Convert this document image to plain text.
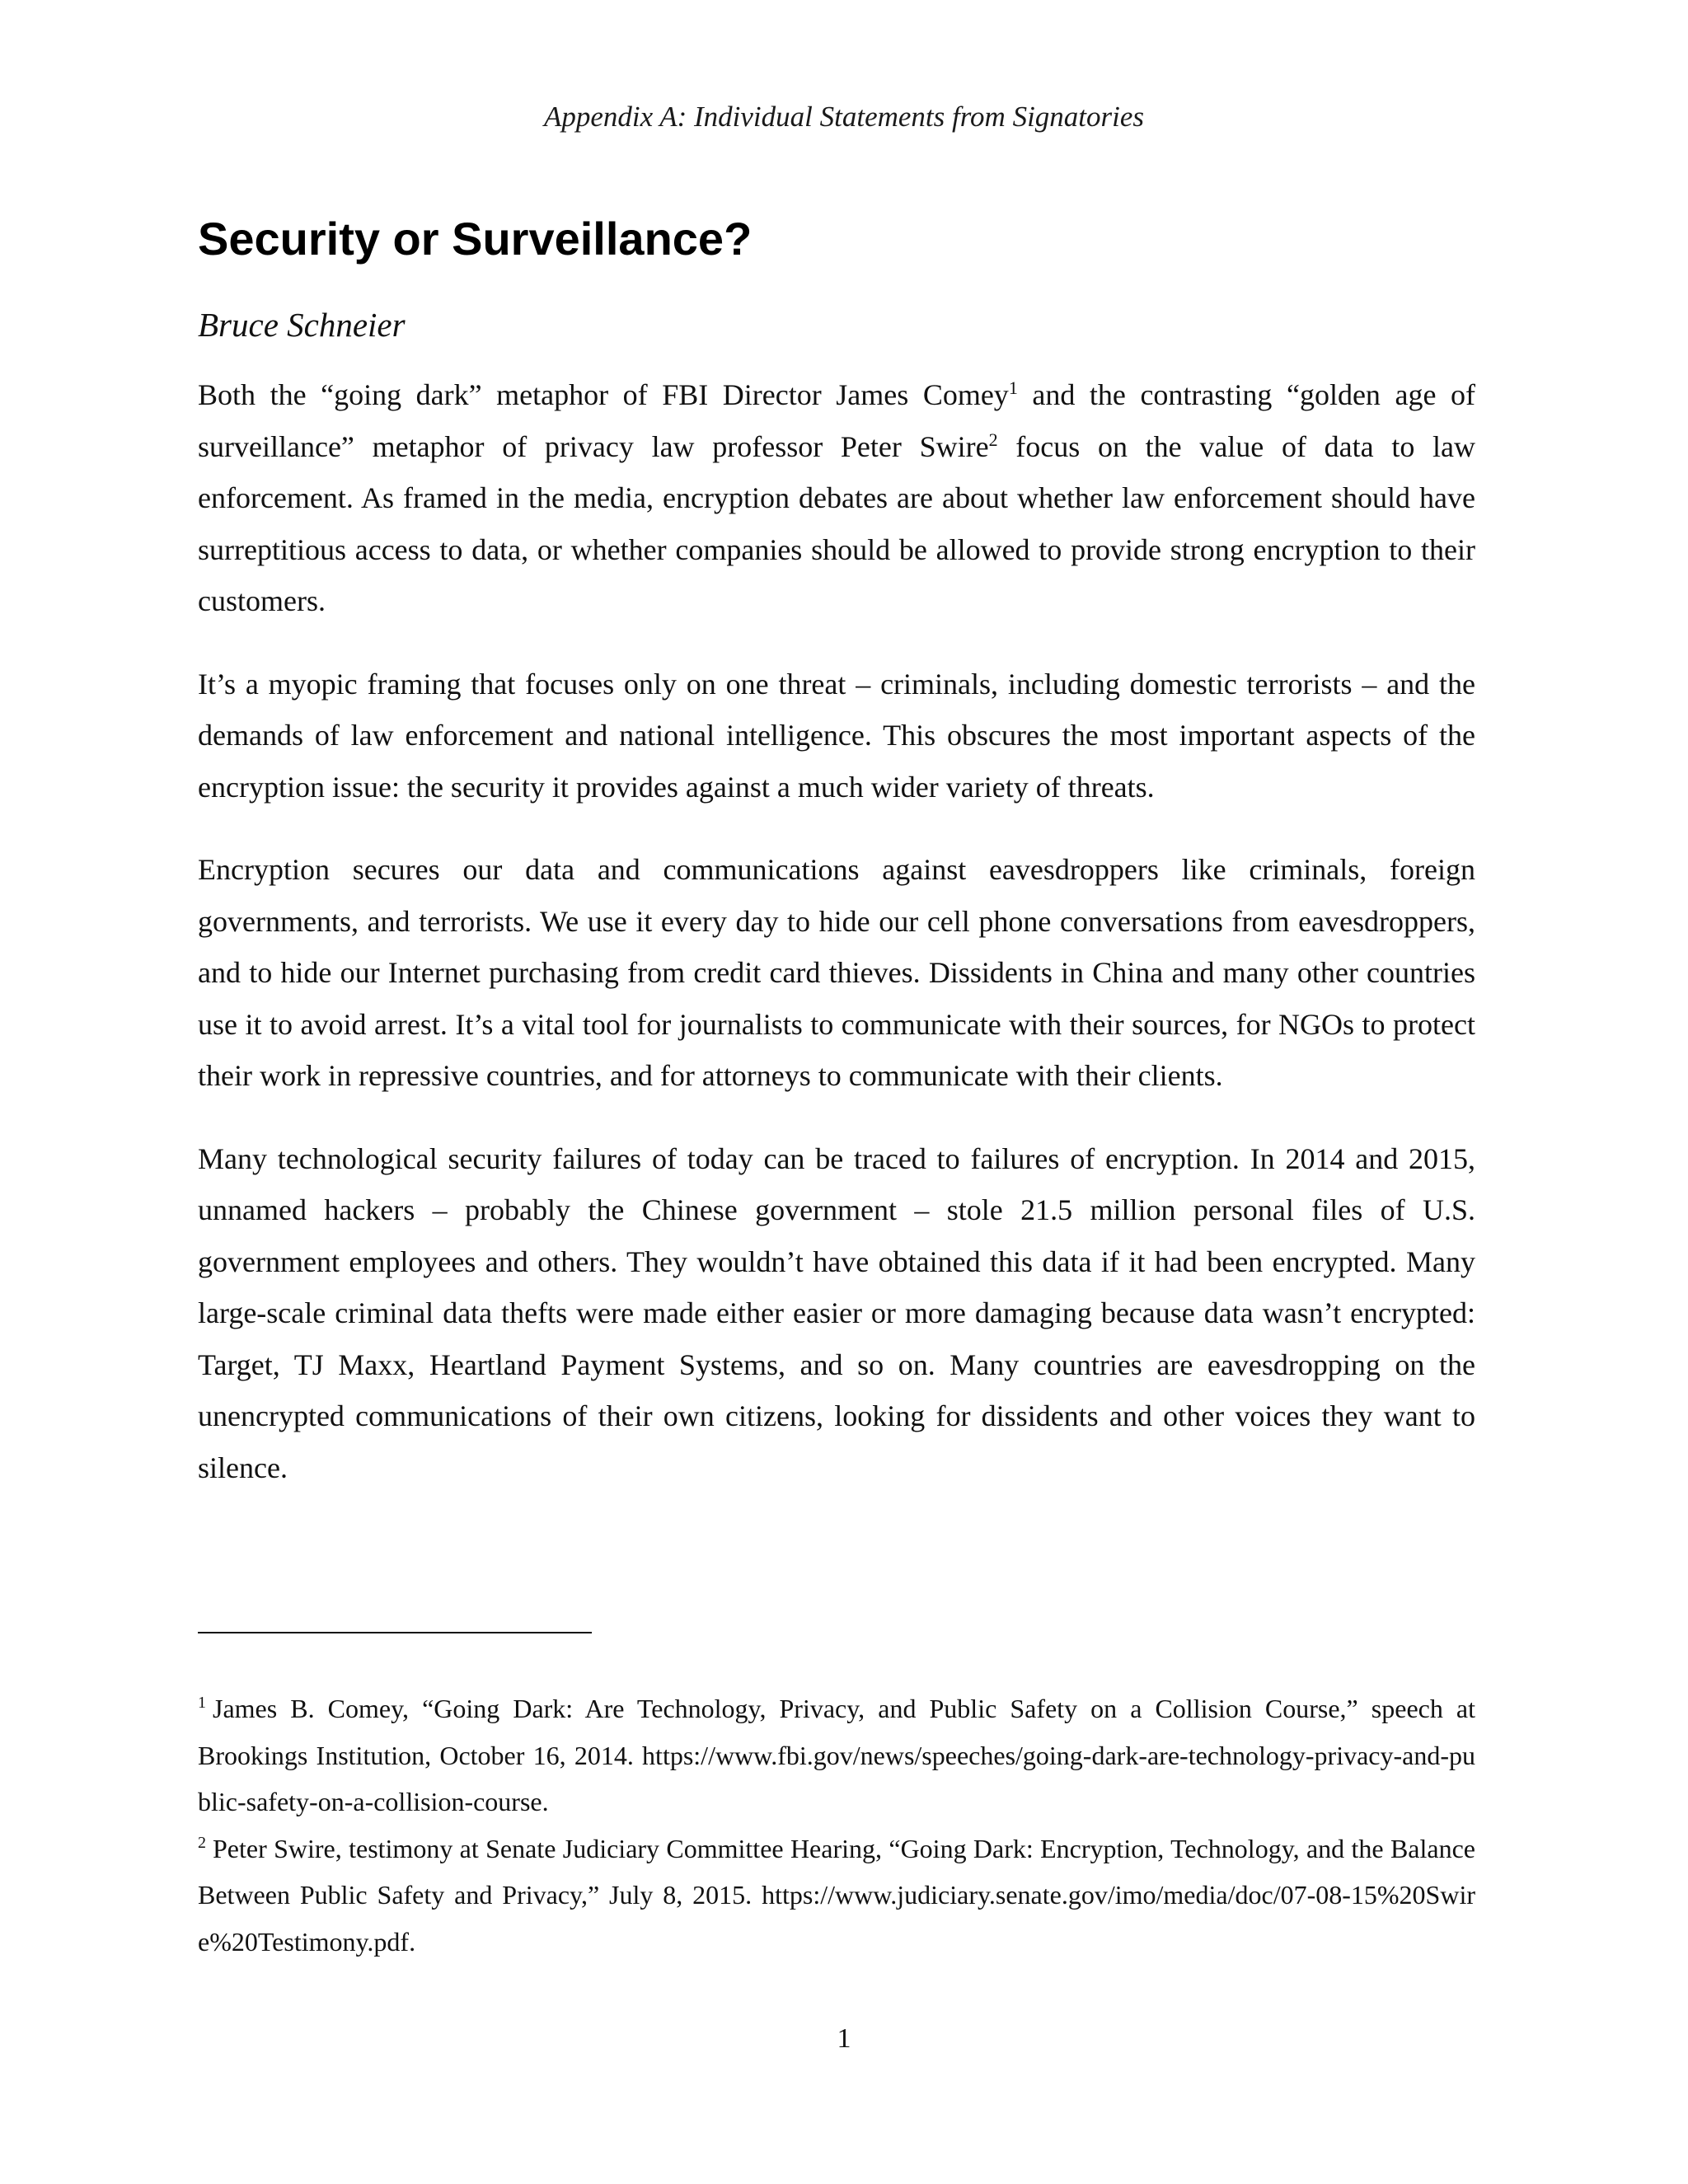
Appendix A: Individual Statements from Signatories
Security or Surveillance?
Bruce Schneier

Both the “going dark” metaphor of FBI Director James Comey$^1$ and the contrasting “golden age of surveillance” metaphor of privacy law professor Peter Swire$^2$ focus on the value of data to law enforcement. As framed in the media, encryption debates are about whether law enforcement should have surreptitious access to data, or whether companies should be allowed to provide strong encryption to their customers.

It’s a myopic framing that focuses only on one threat – criminals, including domestic terrorists – and the demands of law enforcement and national intelligence. This obscures the most important aspects of the encryption issue: the security it provides against a much wider variety of threats.

Encryption secures our data and communications against eavesdroppers like criminals, foreign governments, and terrorists. We use it every day to hide our cell phone conversations from eavesdroppers, and to hide our Internet purchasing from credit card thieves. Dissidents in China and many other countries use it to avoid arrest. It’s a vital tool for journalists to communicate with their sources, for NGOs to protect their work in repressive countries, and for attorneys to communicate with their clients.

Many technological security failures of today can be traced to failures of encryption. In 2014 and 2015, unnamed hackers – probably the Chinese government – stole 21.5 million personal files of U.S. government employees and others. They wouldn’t have obtained this data if it had been encrypted. Many large-scale criminal data thefts were made either easier or more damaging because data wasn’t encrypted: Target, TJ Maxx, Heartland Payment Systems, and so on. Many countries are eavesdropping on the unencrypted communications of their own citizens, looking for dissidents and other voices they want to silence.

$^1$ James B. Comey, “Going Dark: Are Technology, Privacy, and Public Safety on a Collision Course,” speech at Brookings Institution, October 16, 2014. https://www.fbi.gov/news/speeches/going-dark-are-technology-privacy-and-public-safety-on-a-collision-course.

$^2$ Peter Swire, testimony at Senate Judiciary Committee Hearing, “Going Dark: Encryption, Technology, and the Balance Between Public Safety and Privacy,” July 8, 2015. https://www.judiciary.senate.gov/imo/media/doc/07-08-15%20Swire%20Testimony.pdf.

1
